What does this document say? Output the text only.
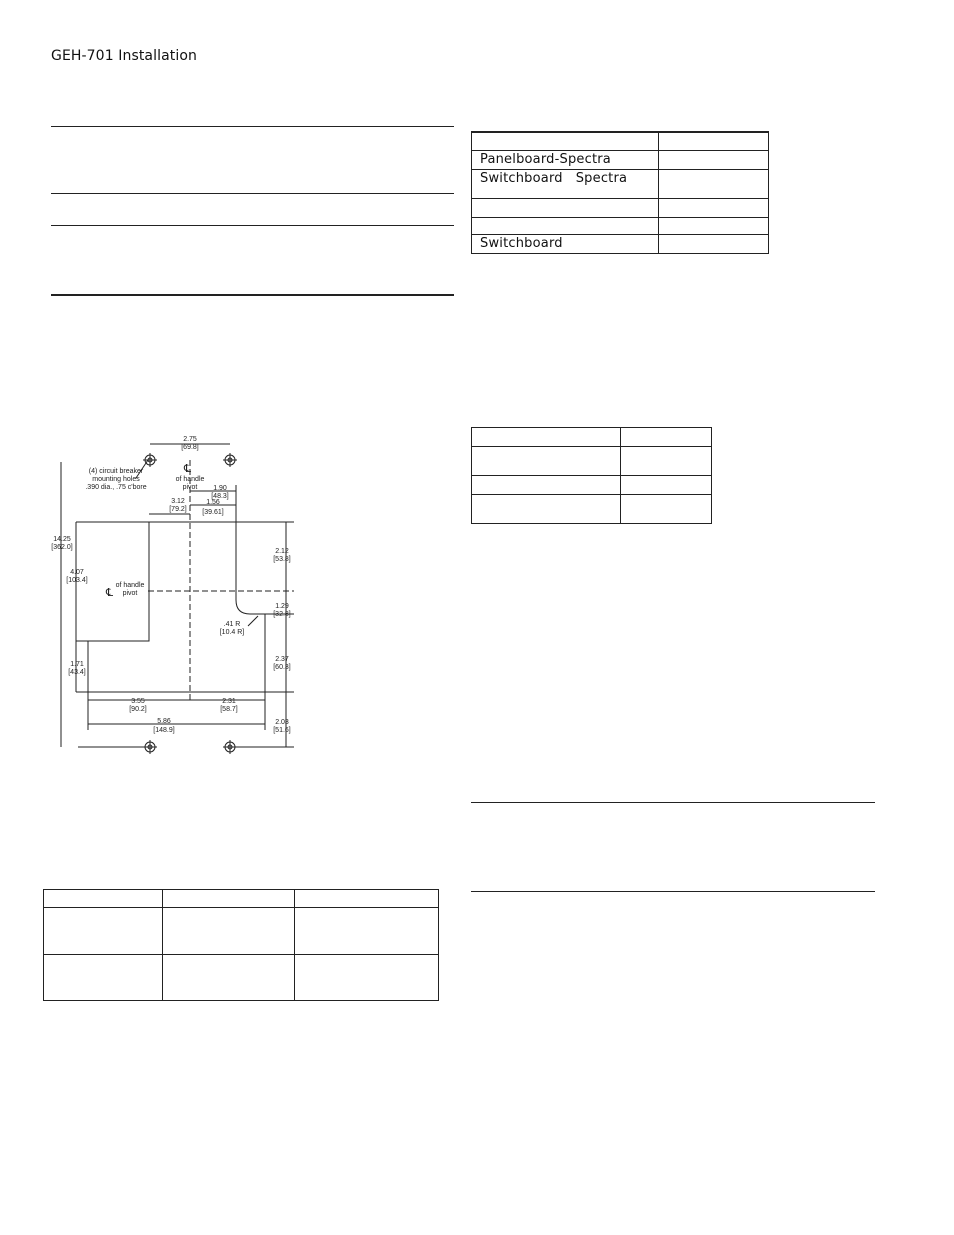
GEH-701 Installation

Panelboard-Spectra	
Switchboard   Spectra	

Switchboard	

2.75
[69.8]
(4) circuit breaker
mounting holes
.390 dia., .75 c'bore
℄
of handle
pivot 1.90
[48.3]
3.12
[79.2]
1.56
[39.61]
14.25
[362.0]
2.12
[53.8]
4.07
[103.4]
℄
of handle
pivot
1.29
[32.8]
.41 R
[10.4 R]
1.71
[43.4]
2.37
[60.3]
3.55
[90.2]
2.31
[58.7]
5.86
[148.9]
2.03
[51.6]
